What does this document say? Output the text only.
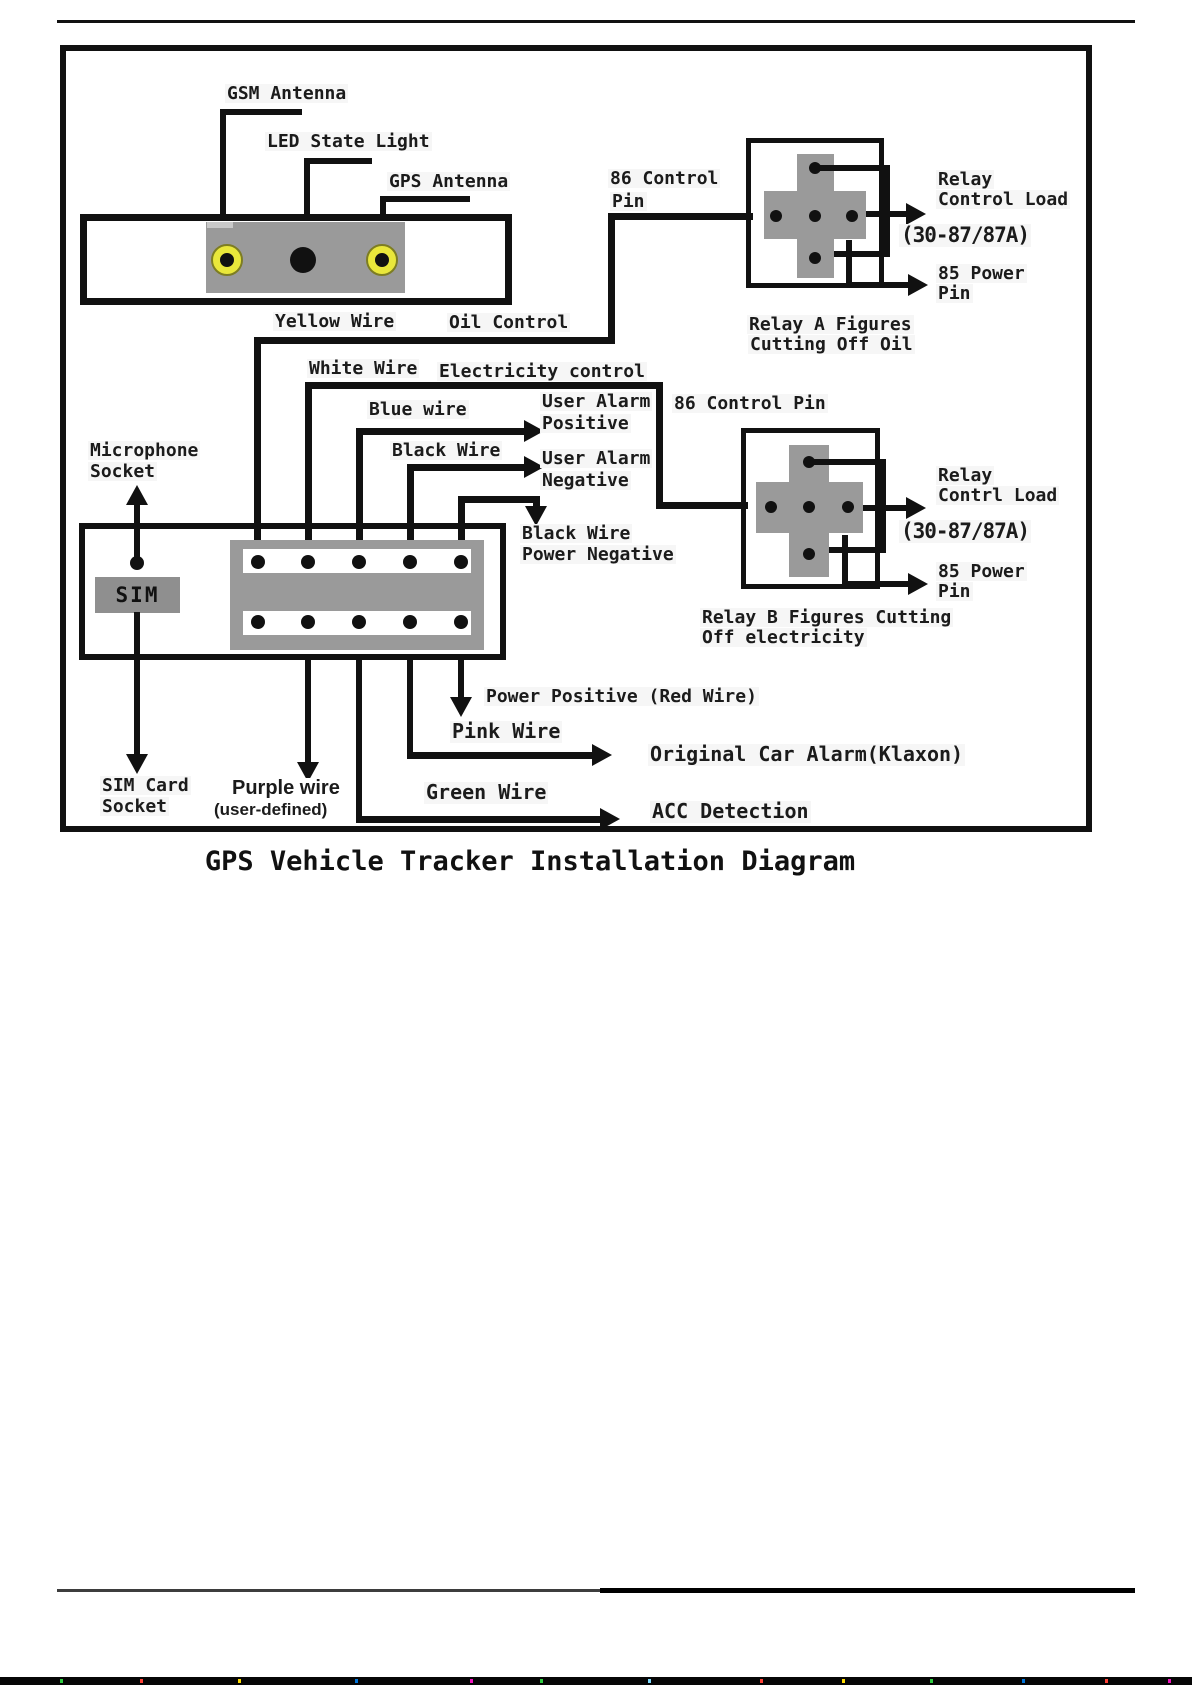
GSM Antenna
LED State Light
GPS Antenna
Yellow Wire	Oil Control
86 Control
Pin
Relay
Control Load
(30-87/87A)
85 Power
Pin
Relay A Figures
Cutting Off Oil
White Wire Electricity control
86 Control Pin
Blue wire	User Alarm
Positive
Black Wire User Alarm
Negative
Black Wire
Power Negative
Relay
Contrl Load
(30-87/87A)
85 Power
Pin
Relay B Figures Cutting
Off electricity
SIM
Microphone
Socket
SIM Card
Socket
Purple wire
(user-defined)
Pink Wire
Original Car Alarm(Klaxon)
Green Wire
ACC Detection
Power Positive (Red Wire)
GPS Vehicle Tracker Installation Diagram
